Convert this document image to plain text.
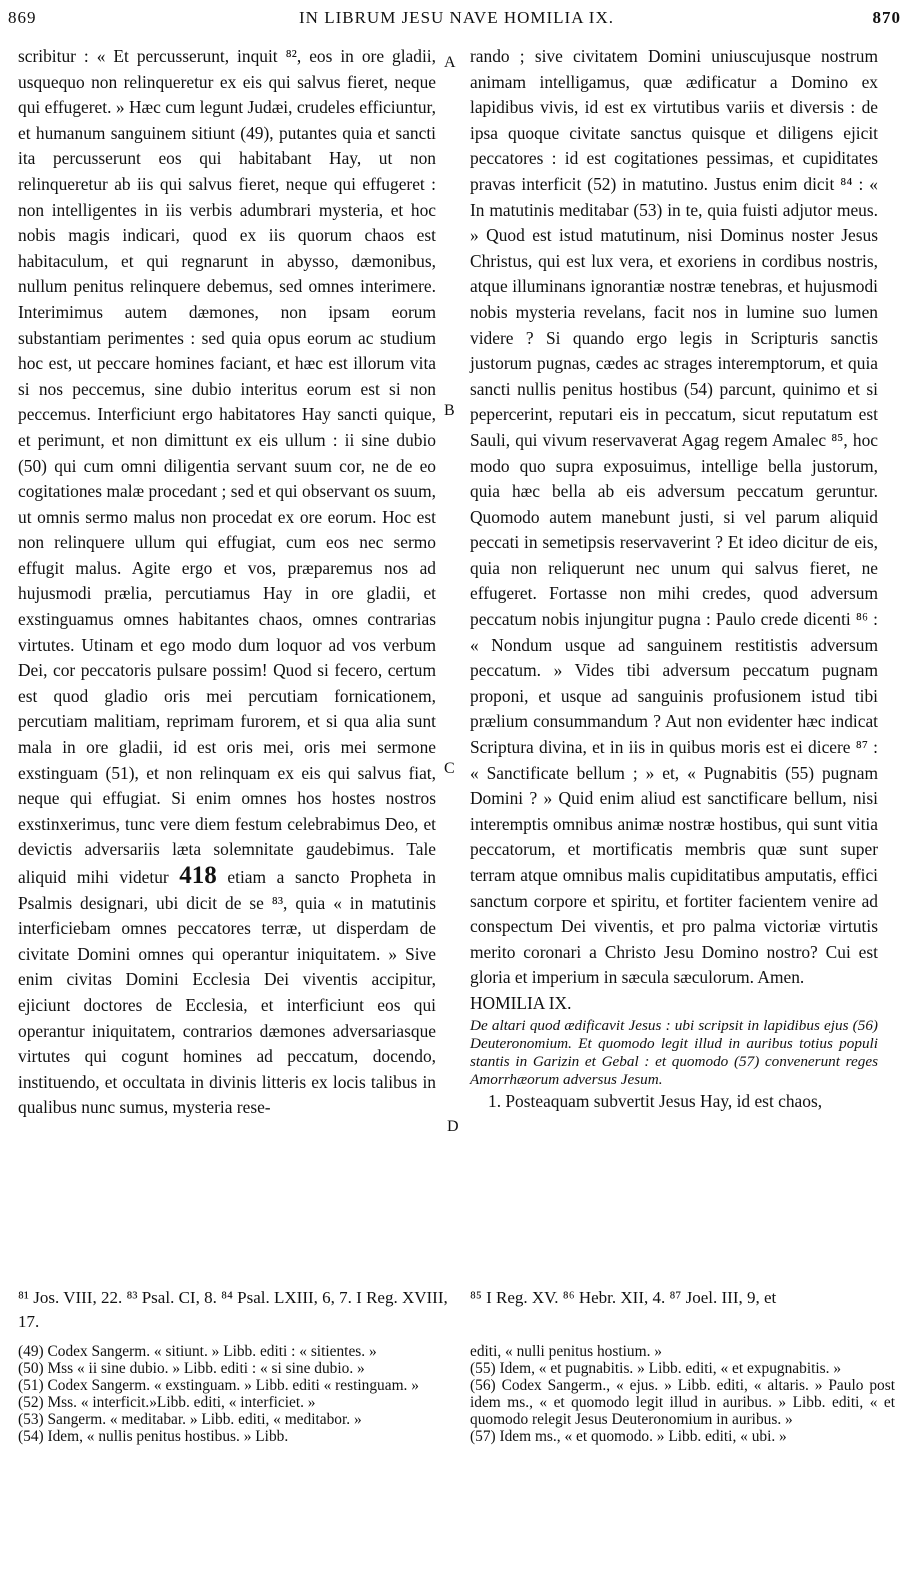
869	IN LIBRUM JESU NAVE HOMILIA IX.	870
A
B
C
D

scribitur : « Et percusserunt, inquit ⁸², eos in ore gladii, usquequo non relinqueretur ex eis qui salvus fieret, neque qui effugeret. » Hæc cum legunt Judæi, crudeles efficiuntur, et humanum sanguinem sitiunt (49), putantes quia et sancti ita percusserunt eos qui habitabant Hay, ut non relinqueretur ab iis qui salvus fieret, neque qui effugeret : non intelligentes in iis verbis adumbrari mysteria, et hoc nobis magis indicari, quod ex iis quorum chaos est habitaculum, et qui regnarunt in abysso, dæmonibus, nullum penitus relinquere debemus, sed omnes interimere. Interimimus autem dæmones, non ipsam eorum substantiam perimentes : sed quia opus eorum ac studium hoc est, ut peccare homines faciant, et hæc est illorum vita si nos peccemus, sine dubio interitus eorum est si non peccemus. Interficiunt ergo habitatores Hay sancti quique, et perimunt, et non dimittunt ex eis ullum : ii sine dubio (50) qui cum omni diligentia servant suum cor, ne de eo cogitationes malæ procedant ; sed et qui observant os suum, ut omnis sermo malus non procedat ex ore eorum. Hoc est non relinquere ullum qui effugiat, cum eos nec sermo effugit malus. Agite ergo et vos, præparemus nos ad hujusmodi prælia, percutiamus Hay in ore gladii, et exstinguamus omnes habitantes chaos, omnes contrarias virtutes. Utinam et ego modo dum loquor ad vos verbum Dei, cor peccatoris pulsare possim! Quod si fecero, certum est quod gladio oris mei percutiam fornicationem, percutiam malitiam, reprimam furorem, et si qua alia sunt mala in ore gladii, id est oris mei, oris mei sermone exstinguam (51), et non relinquam ex eis qui salvus fiat, neque qui effugiat. Si enim omnes hos hostes nostros exstinxerimus, tunc vere diem festum celebrabimus Deo, et devictis adversariis læta solemnitate gaudebimus. Tale aliquid mihi videtur 418 etiam a sancto Propheta in Psalmis designari, ubi dicit de se ⁸³, quia « in matutinis interficiebam omnes peccatores terræ, ut disperdam de civitate Domini omnes qui operantur iniquitatem. » Sive enim civitas Domini Ecclesia Dei viventis accipitur, ejiciunt doctores de Ecclesia, et interficiunt eos qui operantur iniquitatem, contrarios dæmones adversariasque virtutes qui cogunt homines ad peccatum, docendo, instituendo, et occultata in divinis litteris ex locis talibus in qualibus nunc sumus, mysteria rese-

rando ; sive civitatem Domini uniuscujusque nostrum animam intelligamus, quæ ædificatur a Domino ex lapidibus vivis, id est ex virtutibus variis et diversis : de ipsa quoque civitate sanctus quisque et diligens ejicit peccatores : id est cogitationes pessimas, et cupiditates pravas interficit (52) in matutino. Justus enim dicit ⁸⁴ : « In matutinis meditabar (53) in te, quia fuisti adjutor meus. » Quod est istud matutinum, nisi Dominus noster Jesus Christus, qui est lux vera, et exoriens in cordibus nostris, atque illuminans ignorantiæ nostræ tenebras, et hujusmodi nobis mysteria revelans, facit nos in lumine suo lumen videre ? Si quando ergo legis in Scripturis sanctis justorum pugnas, cædes ac strages interemptorum, et quia sancti nullis penitus hostibus (54) parcunt, quinimo et si pepercerint, reputari eis in peccatum, sicut reputatum est Sauli, qui vivum reservaverat Agag regem Amalec ⁸⁵, hoc modo quo supra exposuimus, intellige bella justorum, quia hæc bella ab eis adversum peccatum geruntur. Quomodo autem manebunt justi, si vel parum aliquid peccati in semetipsis reservaverint ? Et ideo dicitur de eis, quia non reliquerunt nec unum qui salvus fieret, ne effugeret. Fortasse non mihi credes, quod adversum peccatum nobis injungitur pugna : Paulo crede dicenti ⁸⁶ : « Nondum usque ad sanguinem restitistis adversum peccatum. » Vides tibi adversum peccatum pugnam proponi, et usque ad sanguinis profusionem istud tibi prælium consummandum ? Aut non evidenter hæc indicat Scriptura divina, et in iis in quibus moris est ei dicere ⁸⁷ : « Sanctificate bellum ; » et, « Pugnabitis (55) pugnam Domini ? » Quid enim aliud est sanctificare bellum, nisi interemptis omnibus animæ nostræ hostibus, qui sunt vitia peccatorum, et mortificatis membris quæ sunt super terram atque omnibus malis cupiditatibus amputatis, effici sanctum corpore et spiritu, et fortiter facientem venire ad conspectum Dei viventis, et pro palma victoriæ virtutis merito coronari a Christo Jesu Domino nostro? Cui est gloria et imperium in sæcula sæculorum. Amen.

HOMILIA IX.

De altari quod ædificavit Jesus : ubi scripsit in lapidibus ejus (56) Deuteronomium. Et quomodo legit illud in auribus totius populi stantis in Garizin et Gebal : et quomodo (57) convenerunt reges Amorrhæorum adversus Jesum.

1. Posteaquam subvertit Jesus Hay, id est chaos,

⁸¹ Jos. VIII, 22. ⁸³ Psal. CI, 8. ⁸⁴ Psal. LXIII, 6, 7. I Reg. XVIII, 17.
⁸⁵ I Reg. XV. ⁸⁶ Hebr. XII, 4. ⁸⁷ Joel. III, 9, et

(49) Codex Sangerm. « sitiunt. » Libb. editi : « sitientes. »

(50) Mss « ii sine dubio. » Libb. editi : « si sine dubio. »

(51) Codex Sangerm. « exstinguam. » Libb. editi « restinguam. »

(52) Mss. « interficit.»Libb. editi, « interficiet. »

(53) Sangerm. « meditabar. » Libb. editi, « meditabor. »

(54) Idem, « nullis penitus hostibus. » Libb.

editi, « nulli penitus hostium. »

(55) Idem, « et pugnabitis. » Libb. editi, « et expugnabitis. »

(56) Codex Sangerm., « ejus. » Libb. editi, « altaris. » Paulo post idem ms., « et quomodo legit illud in auribus. » Libb. editi, « et quomodo relegit Jesus Deuteronomium in auribus. »

(57) Idem ms., « et quomodo. » Libb. editi, « ubi. »
